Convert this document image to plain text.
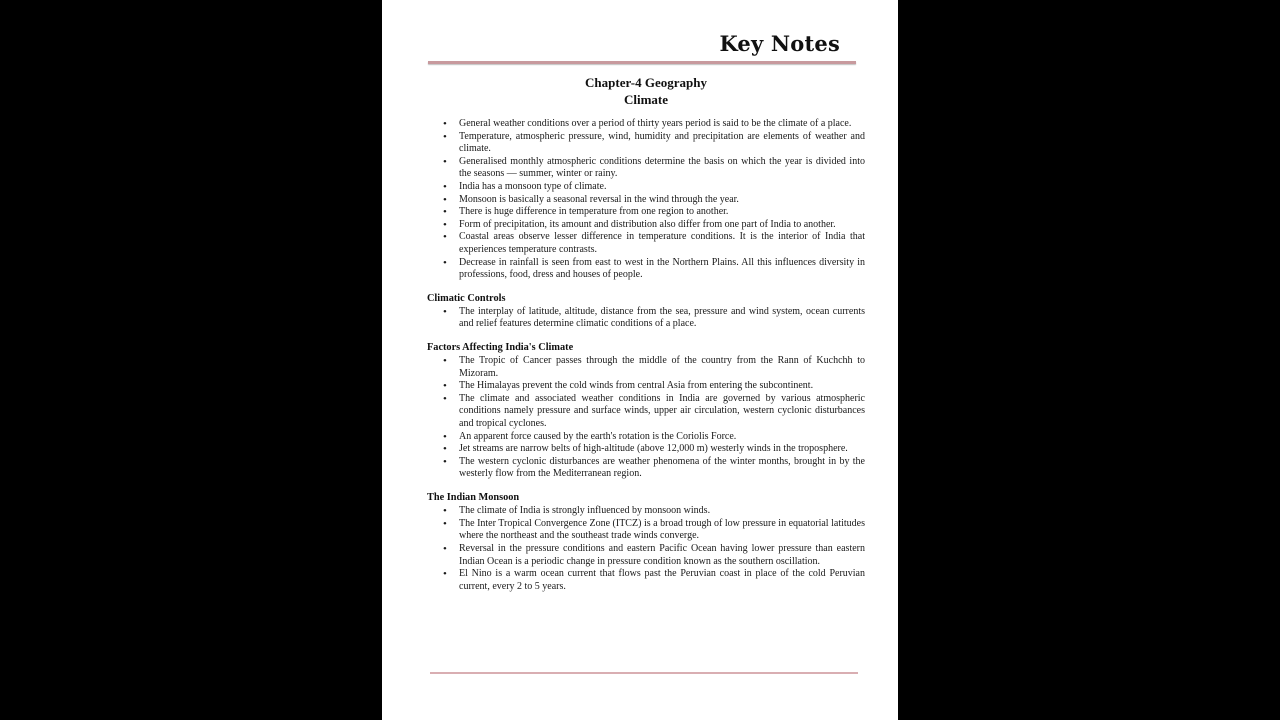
Key Notes
Chapter-4 Geography
Climate
• General weather conditions over a period of thirty years period is said to be the climate of a place.
• Temperature, atmospheric pressure, wind, humidity and precipitation are elements of weather and climate.
• Generalised monthly atmospheric conditions determine the basis on which the year is divided into the seasons — summer, winter or rainy.
• India has a monsoon type of climate.
• Monsoon is basically a seasonal reversal in the wind through the year.
• There is huge difference in temperature from one region to another.
• Form of precipitation, its amount and distribution also differ from one part of India to another.
• Coastal areas observe lesser difference in temperature conditions. It is the interior of India that experiences temperature contrasts.
• Decrease in rainfall is seen from east to west in the Northern Plains. All this influences diversity in professions, food, dress and houses of people.
Climatic Controls
• The interplay of latitude, altitude, distance from the sea, pressure and wind system, ocean currents and relief features determine climatic conditions of a place.
Factors Affecting India's Climate
• The Tropic of Cancer passes through the middle of the country from the Rann of Kuchchh to Mizoram.
• The Himalayas prevent the cold winds from central Asia from entering the subcontinent.
• The climate and associated weather conditions in India are governed by various atmospheric conditions namely pressure and surface winds, upper air circulation, western cyclonic disturbances and tropical cyclones.
• An apparent force caused by the earth's rotation is the Coriolis Force.
• Jet streams are narrow belts of high-altitude (above 12,000 m) westerly winds in the troposphere.
• The western cyclonic disturbances are weather phenomena of the winter months, brought in by the westerly flow from the Mediterranean region.
The Indian Monsoon
• The climate of India is strongly influenced by monsoon winds.
• The Inter Tropical Convergence Zone (ITCZ) is a broad trough of low pressure in equatorial latitudes where the northeast and the southeast trade winds converge.
• Reversal in the pressure conditions and eastern Pacific Ocean having lower pressure than eastern Indian Ocean is a periodic change in pressure condition known as the southern oscillation.
• El Nino is a warm ocean current that flows past the Peruvian coast in place of the cold Peruvian current, every 2 to 5 years.
